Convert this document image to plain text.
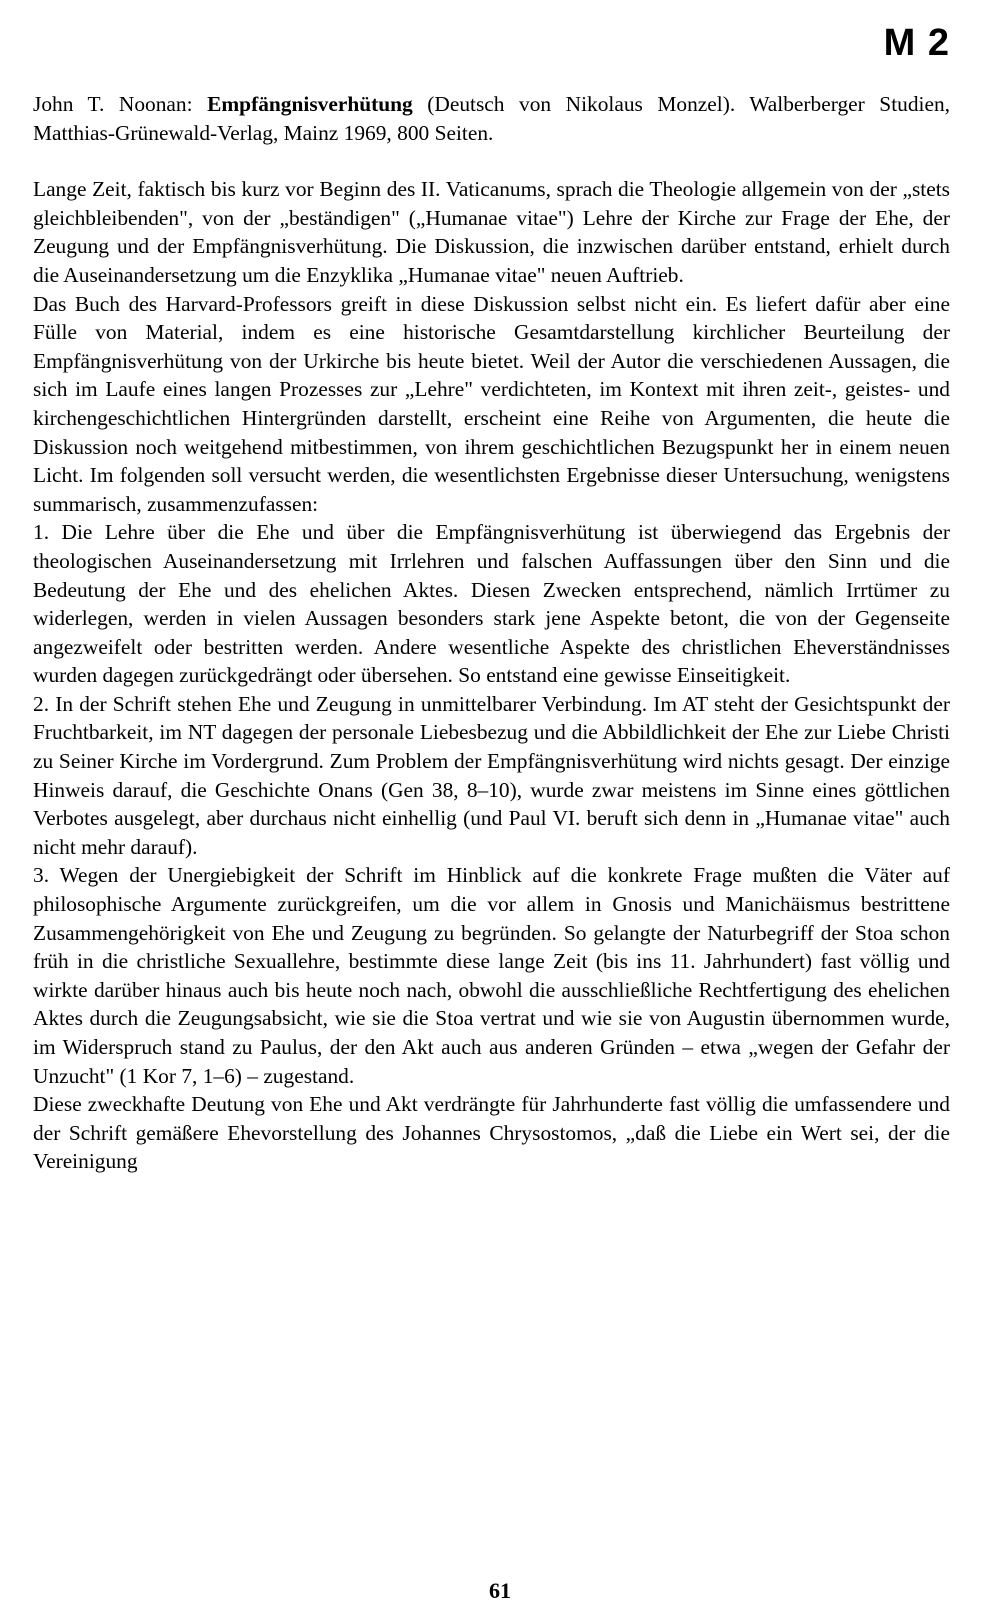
M 2

John T. Noonan: Empfängnisverhütung (Deutsch von Nikolaus Monzel). Walberberger Studien, Matthias-Grünewald-Verlag, Mainz 1969, 800 Seiten.

Lange Zeit, faktisch bis kurz vor Beginn des II. Vaticanums, sprach die Theologie allgemein von der „stets gleichbleibenden", von der „beständigen" („Humanae vitae") Lehre der Kirche zur Frage der Ehe, der Zeugung und der Empfängnisverhütung. Die Diskussion, die inzwischen darüber entstand, erhielt durch die Auseinandersetzung um die Enzyklika „Humanae vitae" neuen Auftrieb.

Das Buch des Harvard-Professors greift in diese Diskussion selbst nicht ein. Es liefert dafür aber eine Fülle von Material, indem es eine historische Gesamtdarstellung kirchlicher Beurteilung der Empfängnisverhütung von der Urkirche bis heute bietet. Weil der Autor die verschiedenen Aussagen, die sich im Laufe eines langen Prozesses zur „Lehre" verdichteten, im Kontext mit ihren zeit-, geistes- und kirchengeschichtlichen Hintergründen darstellt, erscheint eine Reihe von Argumenten, die heute die Diskussion noch weitgehend mitbestimmen, von ihrem geschichtlichen Bezugspunkt her in einem neuen Licht. Im folgenden soll versucht werden, die wesentlichsten Ergebnisse dieser Untersuchung, wenigstens summarisch, zusammenzufassen:

1. Die Lehre über die Ehe und über die Empfängnisverhütung ist überwiegend das Ergebnis der theologischen Auseinandersetzung mit Irrlehren und falschen Auffassungen über den Sinn und die Bedeutung der Ehe und des ehelichen Aktes. Diesen Zwecken entsprechend, nämlich Irrtümer zu widerlegen, werden in vielen Aussagen besonders stark jene Aspekte betont, die von der Gegenseite angezweifelt oder bestritten werden. Andere wesentliche Aspekte des christlichen Eheverständnisses wurden dagegen zurückgedrängt oder übersehen. So entstand eine gewisse Einseitigkeit.

2. In der Schrift stehen Ehe und Zeugung in unmittelbarer Verbindung. Im AT steht der Gesichtspunkt der Fruchtbarkeit, im NT dagegen der personale Liebesbezug und die Abbildlichkeit der Ehe zur Liebe Christi zu Seiner Kirche im Vordergrund. Zum Problem der Empfängnisverhütung wird nichts gesagt. Der einzige Hinweis darauf, die Geschichte Onans (Gen 38, 8–10), wurde zwar meistens im Sinne eines göttlichen Verbotes ausgelegt, aber durchaus nicht einhellig (und Paul VI. beruft sich denn in „Humanae vitae" auch nicht mehr darauf).

3. Wegen der Unergiebigkeit der Schrift im Hinblick auf die konkrete Frage mußten die Väter auf philosophische Argumente zurückgreifen, um die vor allem in Gnosis und Manichäismus bestrittene Zusammengehörigkeit von Ehe und Zeugung zu begründen. So gelangte der Naturbegriff der Stoa schon früh in die christliche Sexuallehre, bestimmte diese lange Zeit (bis ins 11. Jahrhundert) fast völlig und wirkte darüber hinaus auch bis heute noch nach, obwohl die ausschließliche Rechtfertigung des ehelichen Aktes durch die Zeugungsabsicht, wie sie die Stoa vertrat und wie sie von Augustin übernommen wurde, im Widerspruch stand zu Paulus, der den Akt auch aus anderen Gründen – etwa „wegen der Gefahr der Unzucht" (1 Kor 7, 1–6) – zugestand.

Diese zweckhafte Deutung von Ehe und Akt verdrängte für Jahrhunderte fast völlig die umfassendere und der Schrift gemäßere Ehevorstellung des Johannes Chrysostomos, „daß die Liebe ein Wert sei, der die Vereinigung

61
